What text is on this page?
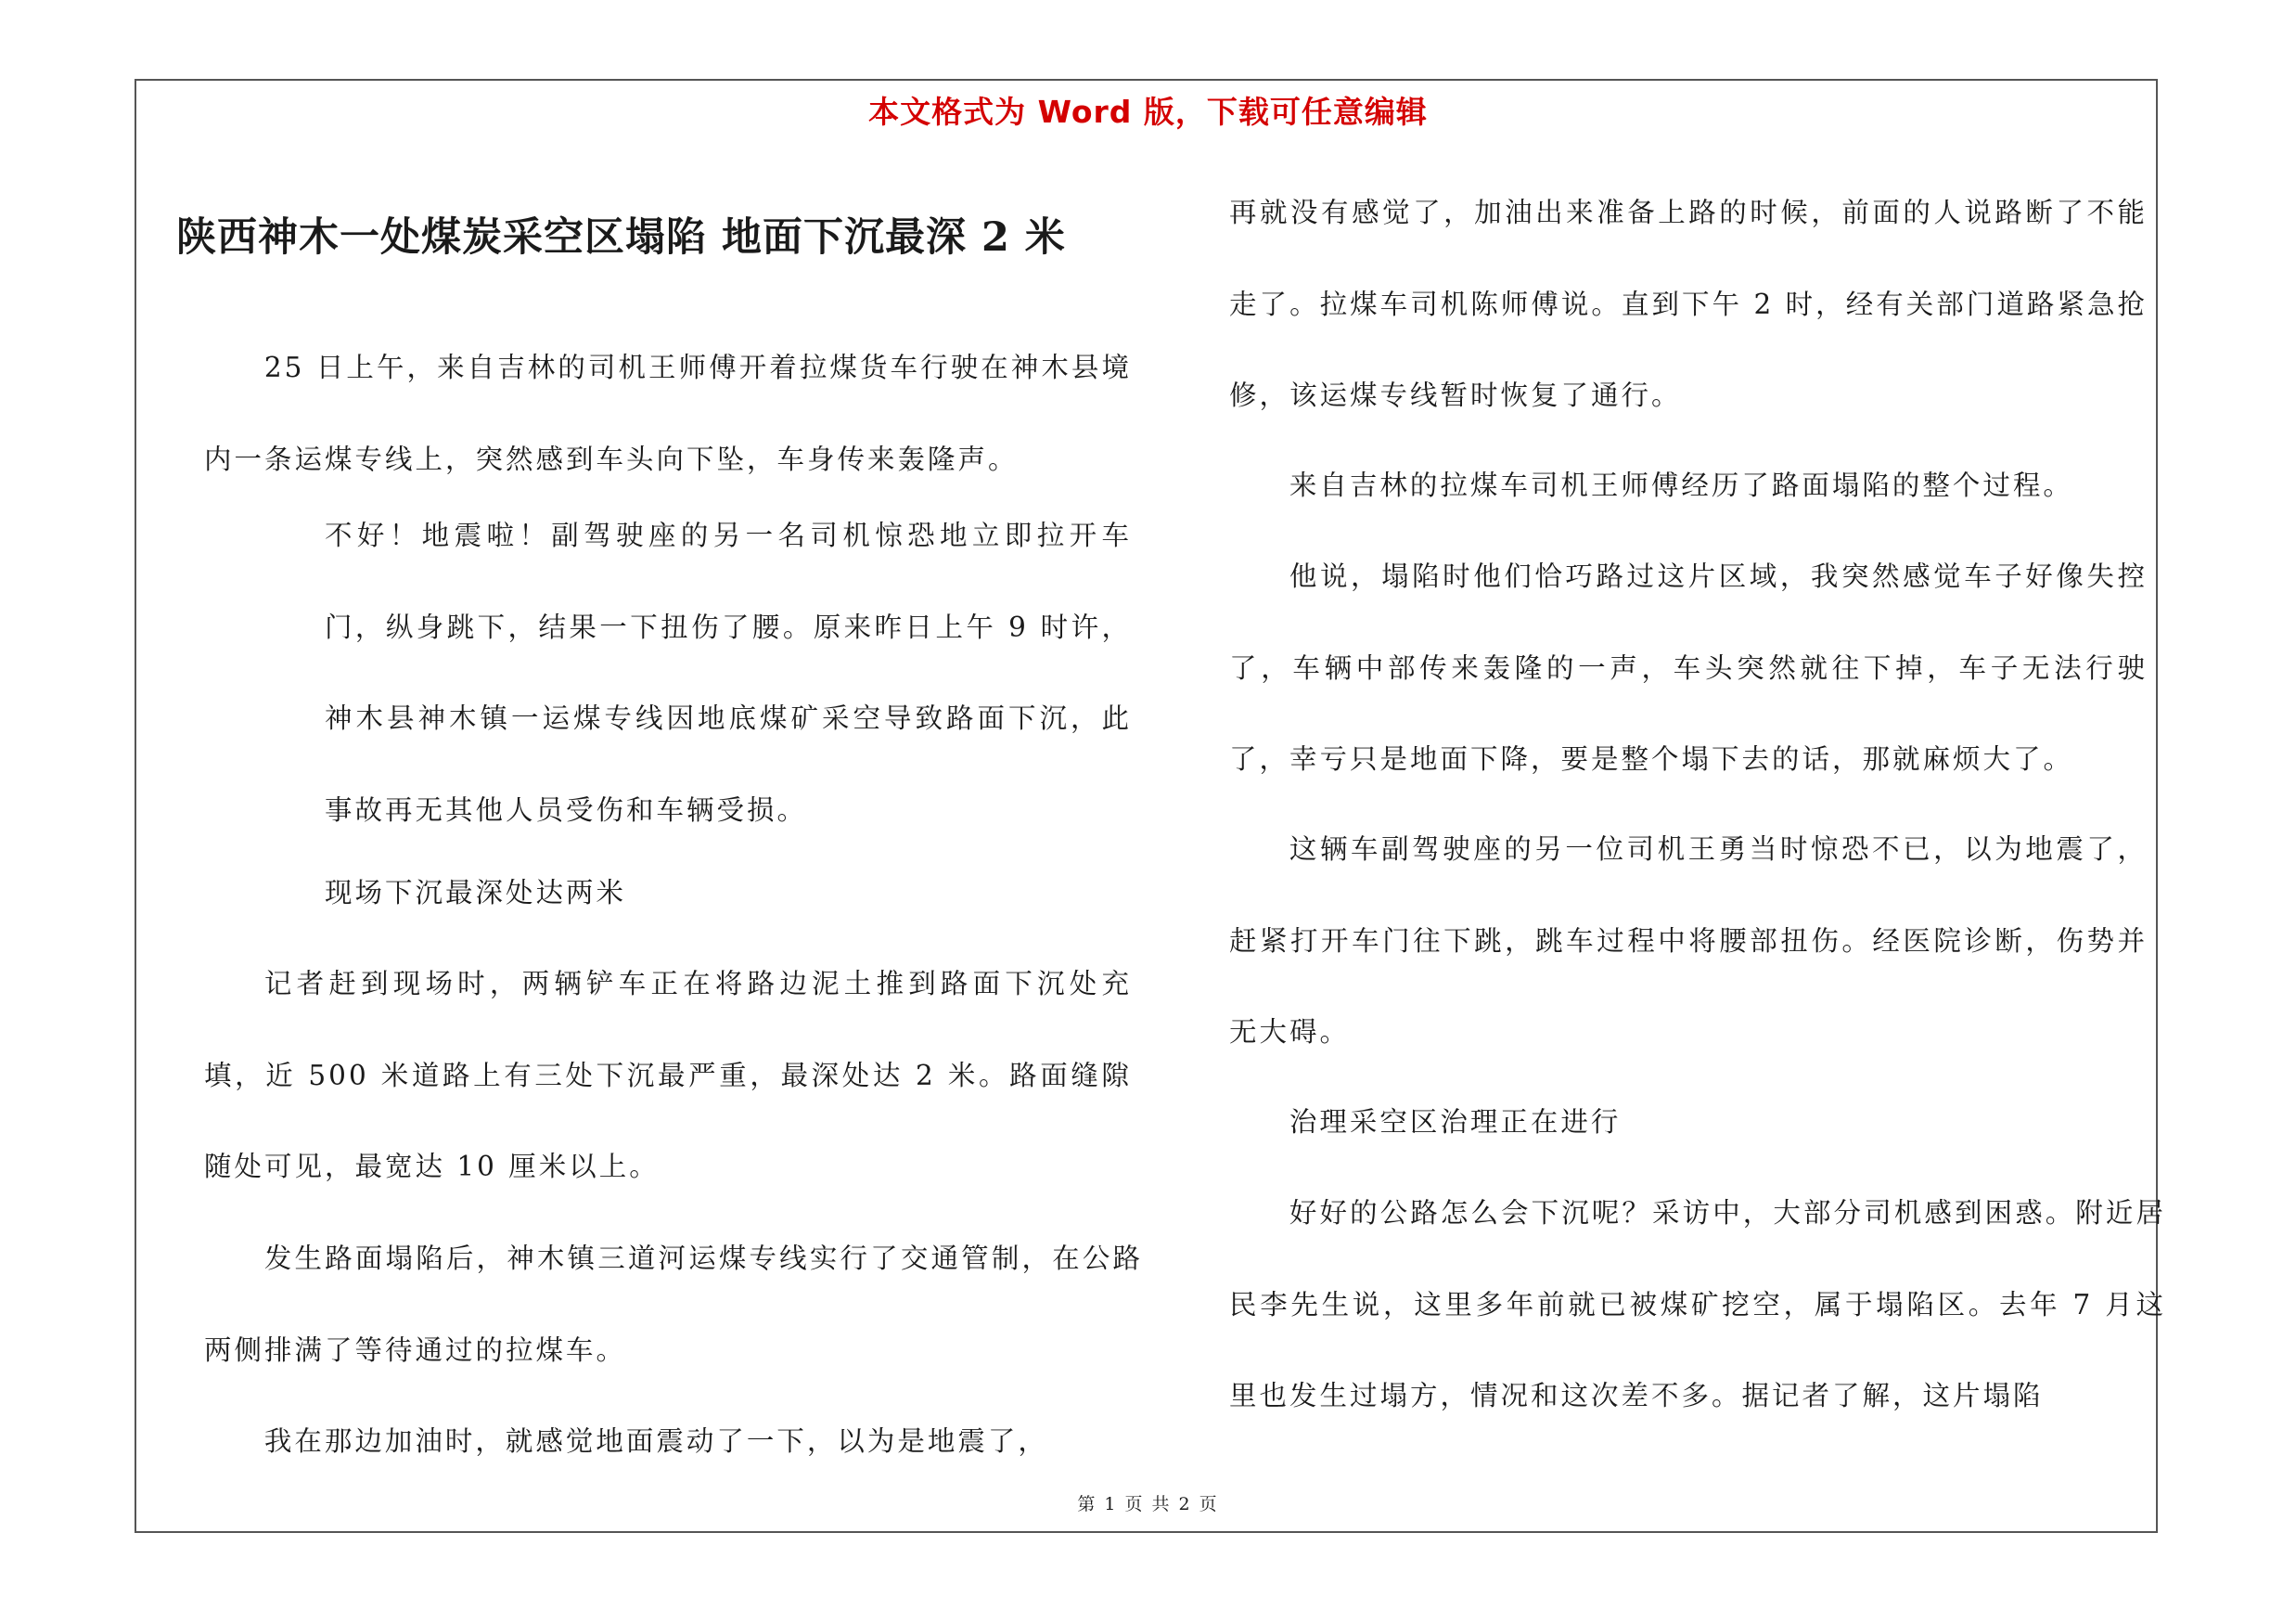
本文格式为 Word 版，下载可任意编辑
陕西神木一处煤炭采空区塌陷 地面下沉最深 2 米

25 日上午，来自吉林的司机王师傅开着拉煤货车行驶在神木县境内一条运煤专线上，突然感到车头向下坠，车身传来轰隆声。

不好！地震啦！副驾驶座的另一名司机惊恐地立即拉开车门，纵身跳下，结果一下扭伤了腰。原来昨日上午 9 时许，神木县神木镇一运煤专线因地底煤矿采空导致路面下沉，此事故再无其他人员受伤和车辆受损。

现场下沉最深处达两米

记者赶到现场时，两辆铲车正在将路边泥土推到路面下沉处充填，近 500 米道路上有三处下沉最严重，最深处达 2 米。路面缝隙随处可见，最宽达 10 厘米以上。

发生路面塌陷后，神木镇三道河运煤专线实行了交通管制，在公路两侧排满了等待通过的拉煤车。

我在那边加油时，就感觉地面震动了一下，以为是地震了，

再就没有感觉了，加油出来准备上路的时候，前面的人说路断了不能走了。拉煤车司机陈师傅说。直到下午 2 时，经有关部门道路紧急抢修，该运煤专线暂时恢复了通行。

来自吉林的拉煤车司机王师傅经历了路面塌陷的整个过程。

他说，塌陷时他们恰巧路过这片区域，我突然感觉车子好像失控了，车辆中部传来轰隆的一声，车头突然就往下掉，车子无法行驶了，幸亏只是地面下降，要是整个塌下去的话，那就麻烦大了。

这辆车副驾驶座的另一位司机王勇当时惊恐不已，以为地震了，赶紧打开车门往下跳，跳车过程中将腰部扭伤。经医院诊断，伤势并无大碍。

治理采空区治理正在进行

好好的公路怎么会下沉呢？采访中，大部分司机感到困惑。附近居民李先生说，这里多年前就已被煤矿挖空，属于塌陷区。去年 7 月这里也发生过塌方，情况和这次差不多。据记者了解，这片塌陷

第 1 页 共 2 页
